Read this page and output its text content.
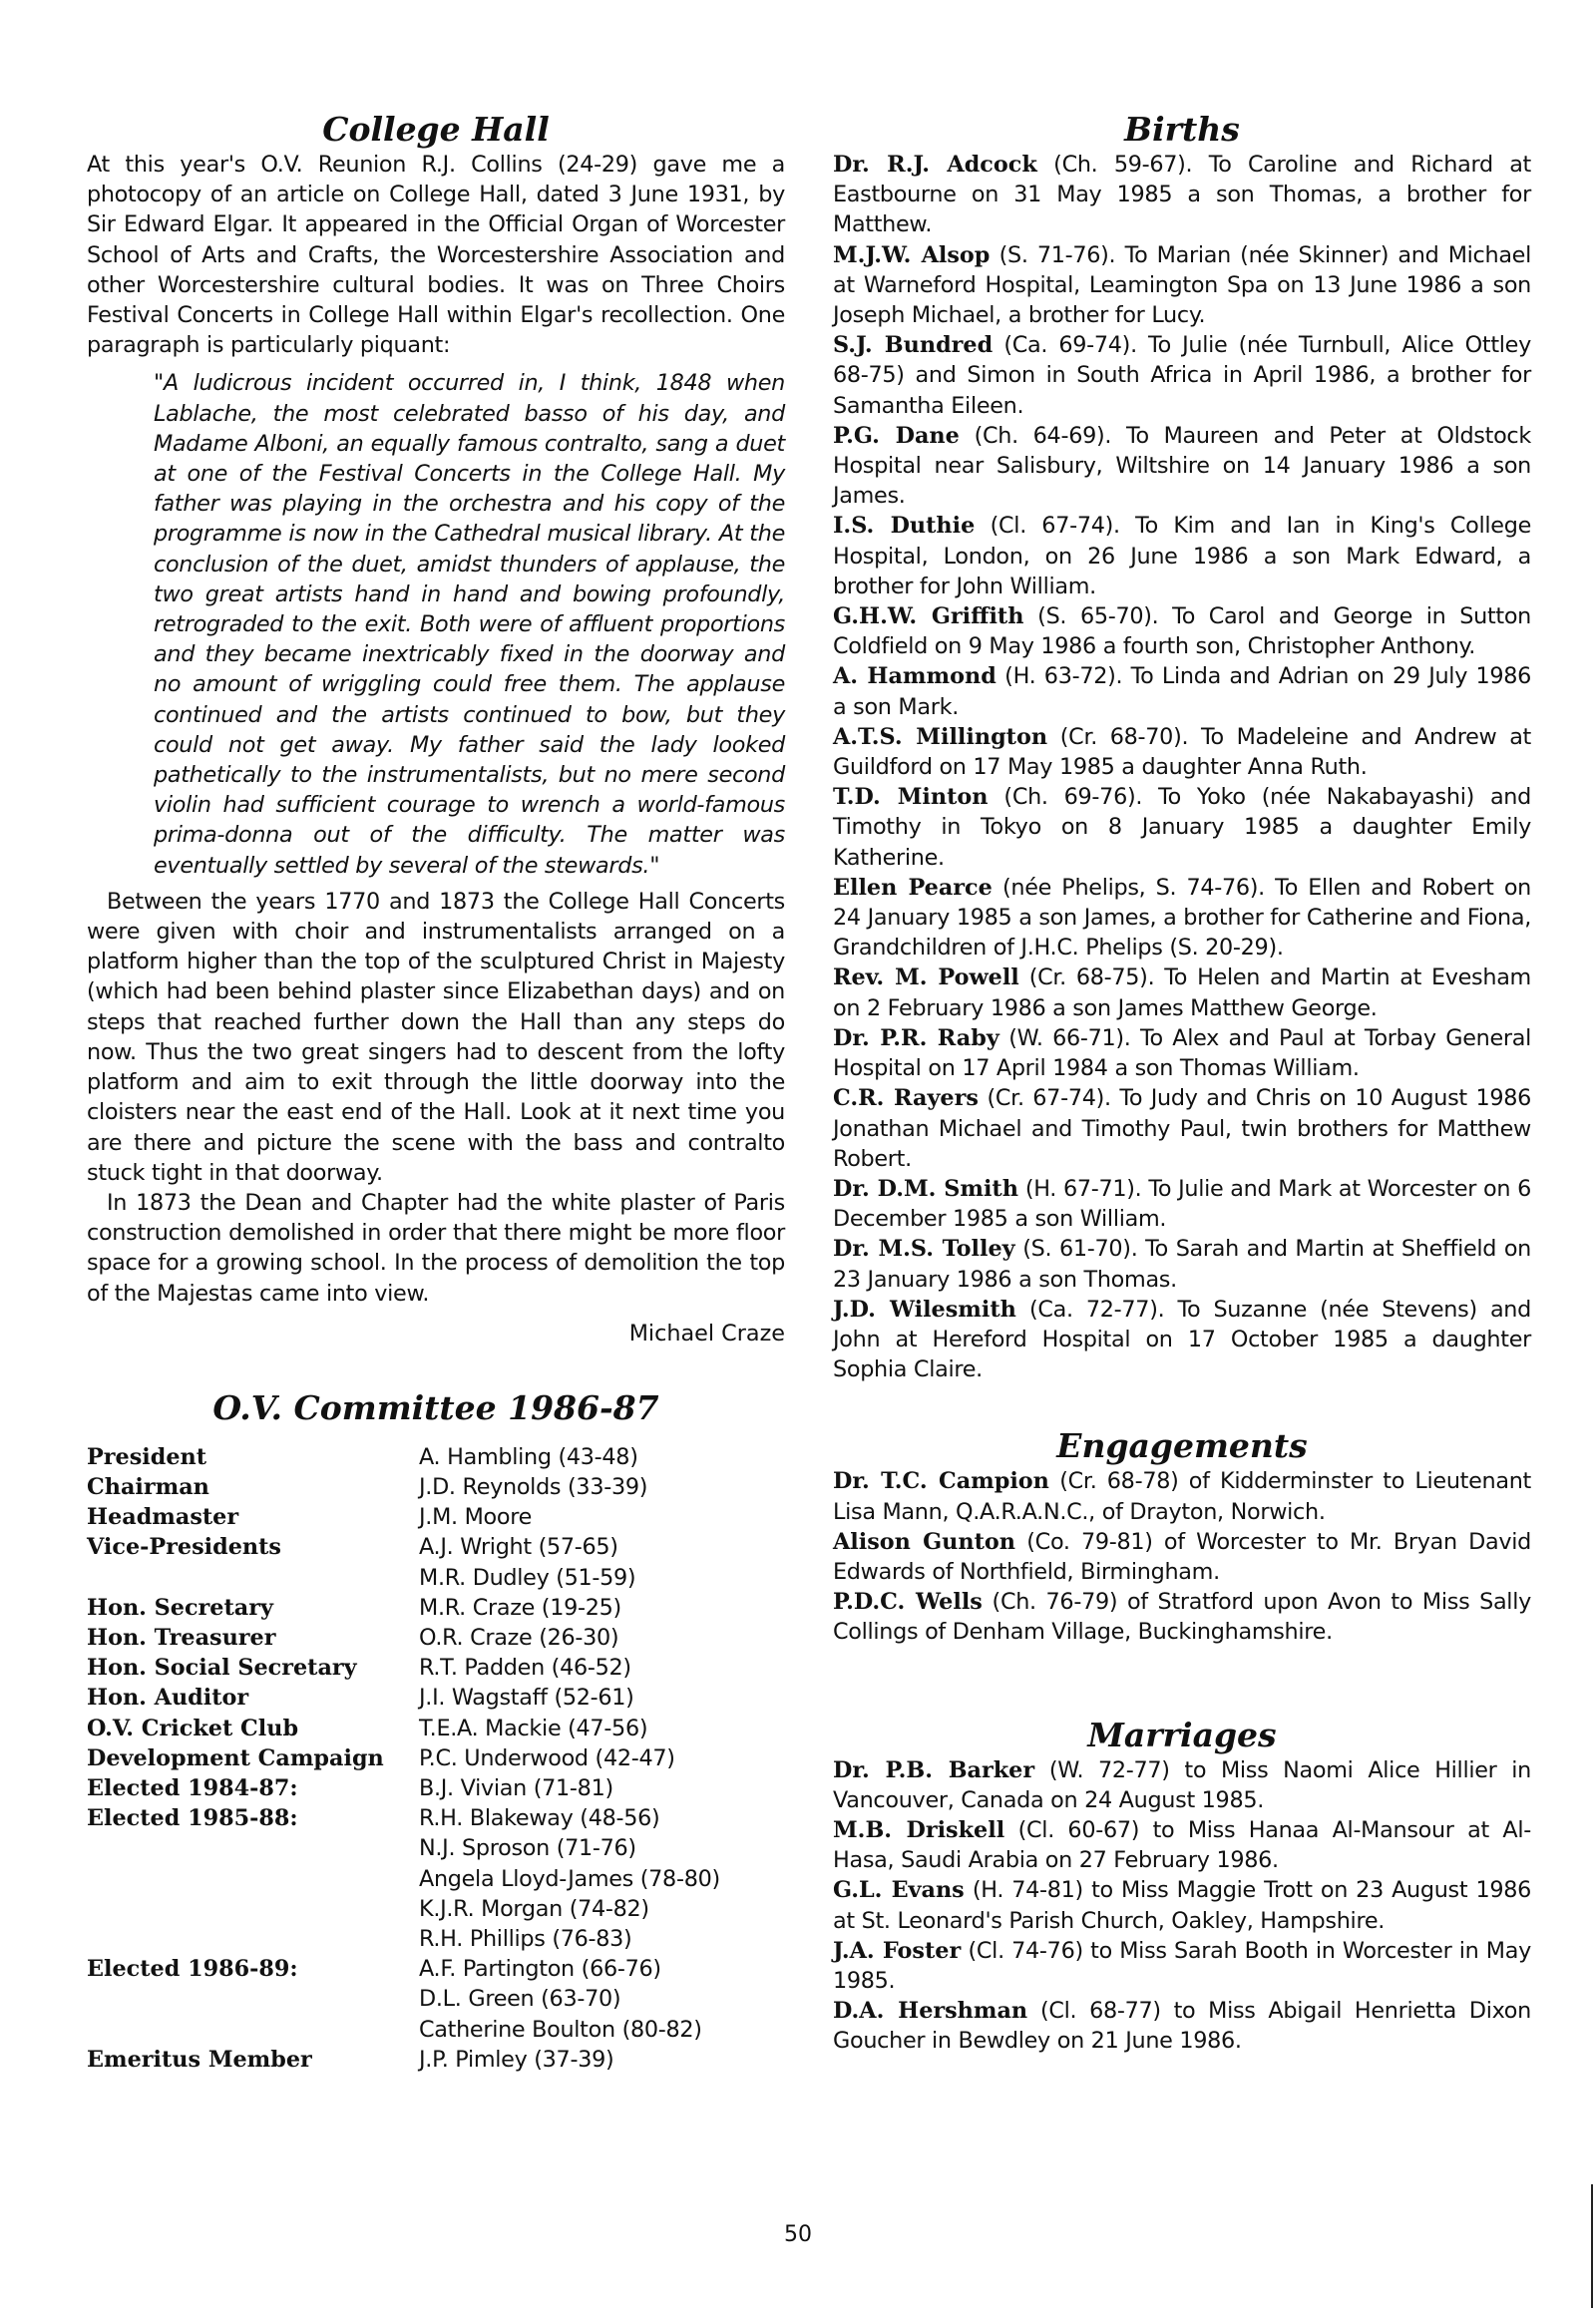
College Hall

At this year's O.V. Reunion R.J. Collins (24-29) gave me a photocopy of an article on College Hall, dated 3 June 1931, by Sir Edward Elgar. It appeared in the Official Organ of Worcester School of Arts and Crafts, the Worcestershire Association and other Worcestershire cultural bodies. It was on Three Choirs Festival Concerts in College Hall within Elgar's recollection. One paragraph is particularly piquant:

"A ludicrous incident occurred in, I think, 1848 when Lablache, the most celebrated basso of his day, and Madame Alboni, an equally famous contralto, sang a duet at one of the Festival Concerts in the College Hall. My father was playing in the orchestra and his copy of the programme is now in the Cathedral musical library. At the conclusion of the duet, amidst thunders of applause, the two great artists hand in hand and bowing profoundly, retrograded to the exit. Both were of affluent proportions and they became inextricably fixed in the doorway and no amount of wriggling could free them. The applause continued and the artists continued to bow, but they could not get away. My father said the lady looked pathetically to the instrumentalists, but no mere second violin had sufficient courage to wrench a world-famous prima-donna out of the difficulty. The matter was eventually settled by several of the stewards."

Between the years 1770 and 1873 the College Hall Concerts were given with choir and instrumentalists arranged on a platform higher than the top of the sculptured Christ in Majesty (which had been behind plaster since Elizabethan days) and on steps that reached further down the Hall than any steps do now. Thus the two great singers had to descent from the lofty platform and aim to exit through the little doorway into the cloisters near the east end of the Hall. Look at it next time you are there and picture the scene with the bass and contralto stuck tight in that doorway.

In 1873 the Dean and Chapter had the white plaster of Paris construction demolished in order that there might be more floor space for a growing school. In the process of demolition the top of the Majestas came into view.

Michael Craze
O.V. Committee 1986-87
President	A. Hambling (43-48)
Chairman	J.D. Reynolds (33-39)
Headmaster	J.M. Moore
Vice-Presidents	A.J. Wright (57-65)
M.R. Dudley (51-59)
Hon. Secretary	M.R. Craze (19-25)
Hon. Treasurer	O.R. Craze (26-30)
Hon. Social Secretary	R.T. Padden (46-52)
Hon. Auditor	J.I. Wagstaff (52-61)
O.V. Cricket Club	T.E.A. Mackie (47-56)
Development Campaign	P.C. Underwood (42-47)
Elected 1984-87:	B.J. Vivian (71-81)
Elected 1985-88:	R.H. Blakeway (48-56)
N.J. Sproson (71-76)
Angela Lloyd-James (78-80)
K.J.R. Morgan (74-82)
R.H. Phillips (76-83)
Elected 1986-89:	A.F. Partington (66-76)
D.L. Green (63-70)
Catherine Boulton (80-82)
Emeritus Member	J.P. Pimley (37-39)
Births

Dr. R.J. Adcock (Ch. 59-67). To Caroline and Richard at Eastbourne on 31 May 1985 a son Thomas, a brother for Matthew.

M.J.W. Alsop (S. 71-76). To Marian (née Skinner) and Michael at Warneford Hospital, Leamington Spa on 13 June 1986 a son Joseph Michael, a brother for Lucy.

S.J. Bundred (Ca. 69-74). To Julie (née Turnbull, Alice Ottley 68-75) and Simon in South Africa in April 1986, a brother for Samantha Eileen.

P.G. Dane (Ch. 64-69). To Maureen and Peter at Oldstock Hospital near Salisbury, Wiltshire on 14 January 1986 a son James.

I.S. Duthie (Cl. 67-74). To Kim and Ian in King's College Hospital, London, on 26 June 1986 a son Mark Edward, a brother for John William.

G.H.W. Griffith (S. 65-70). To Carol and George in Sutton Coldfield on 9 May 1986 a fourth son, Christopher Anthony.

A. Hammond (H. 63-72). To Linda and Adrian on 29 July 1986 a son Mark.

A.T.S. Millington (Cr. 68-70). To Madeleine and Andrew at Guildford on 17 May 1985 a daughter Anna Ruth.

T.D. Minton (Ch. 69-76). To Yoko (née Nakabayashi) and Timothy in Tokyo on 8 January 1985 a daughter Emily Katherine.

Ellen Pearce (née Phelips, S. 74-76). To Ellen and Robert on 24 January 1985 a son James, a brother for Catherine and Fiona, Grandchildren of J.H.C. Phelips (S. 20-29).

Rev. M. Powell (Cr. 68-75). To Helen and Martin at Evesham on 2 February 1986 a son James Matthew George.

Dr. P.R. Raby (W. 66-71). To Alex and Paul at Torbay General Hospital on 17 April 1984 a son Thomas William.

C.R. Rayers (Cr. 67-74). To Judy and Chris on 10 August 1986 Jonathan Michael and Timothy Paul, twin brothers for Matthew Robert.

Dr. D.M. Smith (H. 67-71). To Julie and Mark at Worcester on 6 December 1985 a son William.

Dr. M.S. Tolley (S. 61-70). To Sarah and Martin at Sheffield on 23 January 1986 a son Thomas.

J.D. Wilesmith (Ca. 72-77). To Suzanne (née Stevens) and John at Hereford Hospital on 17 October 1985 a daughter Sophia Claire.

Engagements

Dr. T.C. Campion (Cr. 68-78) of Kidderminster to Lieutenant Lisa Mann, Q.A.R.A.N.C., of Drayton, Norwich.

Alison Gunton (Co. 79-81) of Worcester to Mr. Bryan David Edwards of Northfield, Birmingham.

P.D.C. Wells (Ch. 76-79) of Stratford upon Avon to Miss Sally Collings of Denham Village, Buckinghamshire.

Marriages

Dr. P.B. Barker (W. 72-77) to Miss Naomi Alice Hillier in Vancouver, Canada on 24 August 1985.

M.B. Driskell (Cl. 60-67) to Miss Hanaa Al-Mansour at Al-Hasa, Saudi Arabia on 27 February 1986.

G.L. Evans (H. 74-81) to Miss Maggie Trott on 23 August 1986 at St. Leonard's Parish Church, Oakley, Hampshire.

J.A. Foster (Cl. 74-76) to Miss Sarah Booth in Worcester in May 1985.

D.A. Hershman (Cl. 68-77) to Miss Abigail Henrietta Dixon Goucher in Bewdley on 21 June 1986.

50
